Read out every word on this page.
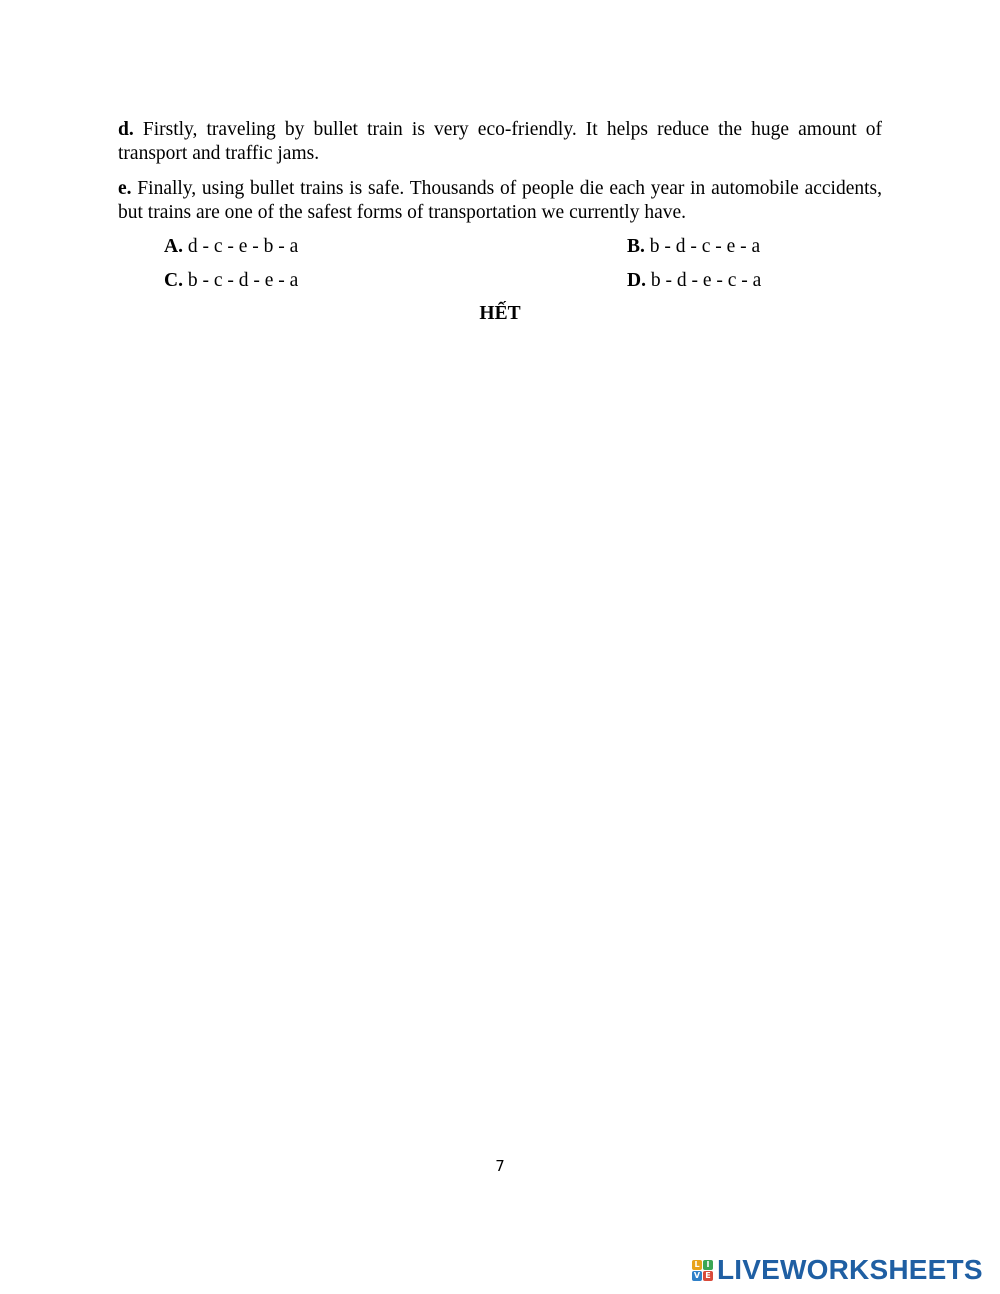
d. Firstly, traveling by bullet train is very eco-friendly. It helps reduce the huge amount of transport and traffic jams.

e. Finally, using bullet trains is safe. Thousands of people die each year in automobile accidents, but trains are one of the safest forms of transportation we currently have.

A. d - c - e - b - a	B. b - d - c - e - a
C. b - c - d - e - a	D. b - d - e - c - a
HẾT
7
L I
V E LIVEWORKSHEETS
